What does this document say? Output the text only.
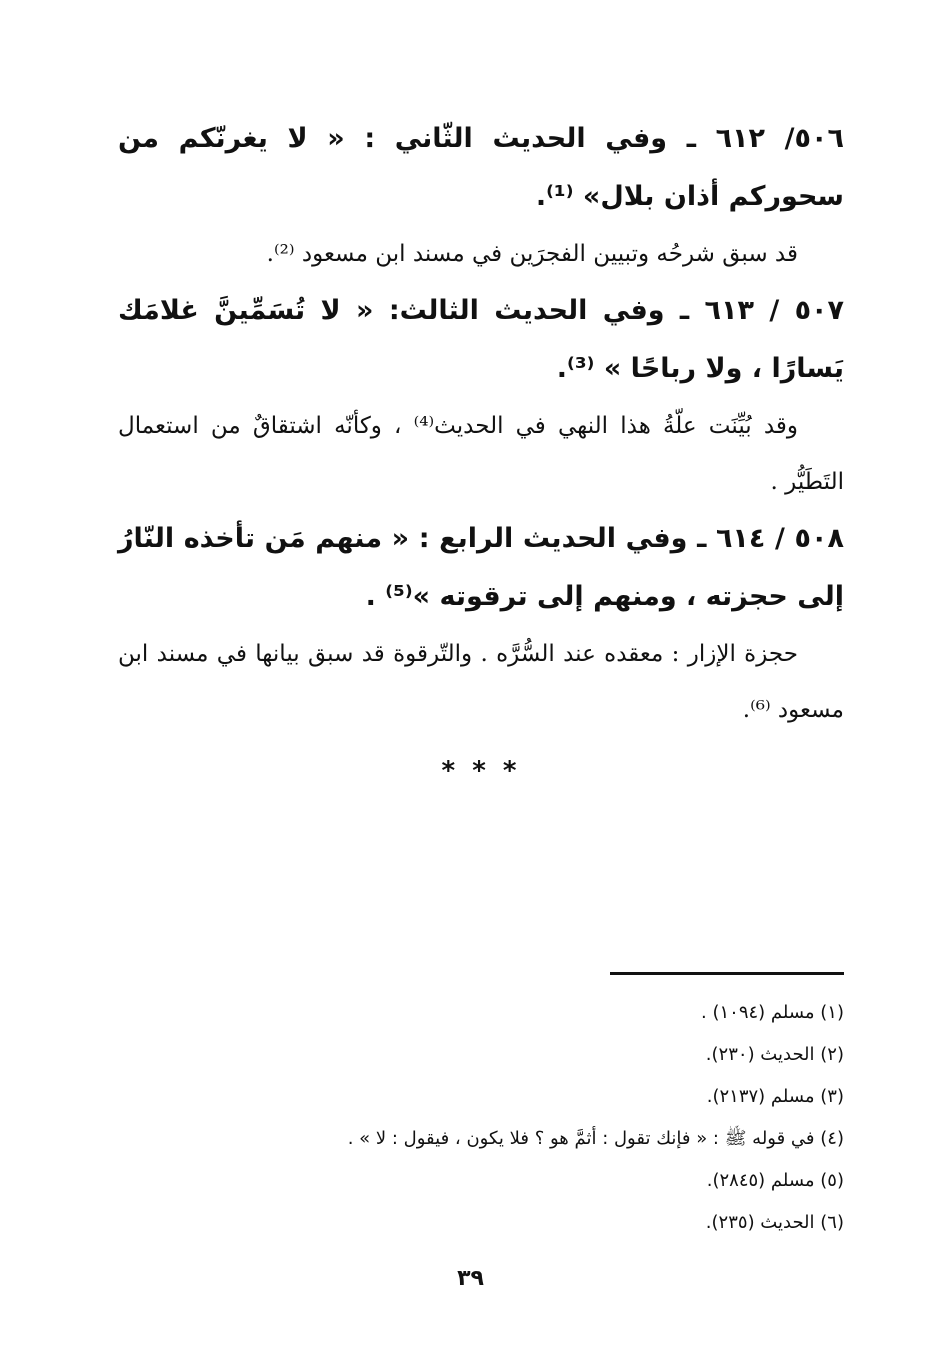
٥٠٦/ ٦١٢ ـ وفي الحديث الثّاني : « لا يغرنّكم من سحوركم أذان بلال» ⁽¹⁾.

قد سبق شرحُه وتبيين الفجرَين في مسند ابن مسعود ⁽²⁾.

٥٠٧ / ٦١٣ ـ وفي الحديث الثالث: « لا تُسَمِّينَّ غلامَك يَسارًا ، ولا رباحًا » ⁽³⁾.

وقد بُيِّنَت علّةُ هذا النهي في الحديث⁽⁴⁾ ، وكأنّه اشتقاقٌ من استعمال التَطَيُّر .

٥٠٨ / ٦١٤ ـ وفي الحديث الرابع : « منهم مَن تأخذه النّارُ إلى حجزته ، ومنهم إلى ترقوته »⁽⁵⁾ .

حجزة الإزار : معقده عند السُّرَّه . والتّرقوة قد سبق بيانها في مسند ابن مسعود ⁽⁶⁾.

* * *
(١) مسلم (١٠٩٤) .
(٢) الحديث (٢٣٠).
(٣) مسلم (٢١٣٧).
(٤) في قوله ﷺ : « فإنك تقول : أثمَّ هو ؟ فلا يكون ، فيقول : لا » .
(٥) مسلم (٢٨٤٥).
(٦) الحديث (٢٣٥).
٣٩
